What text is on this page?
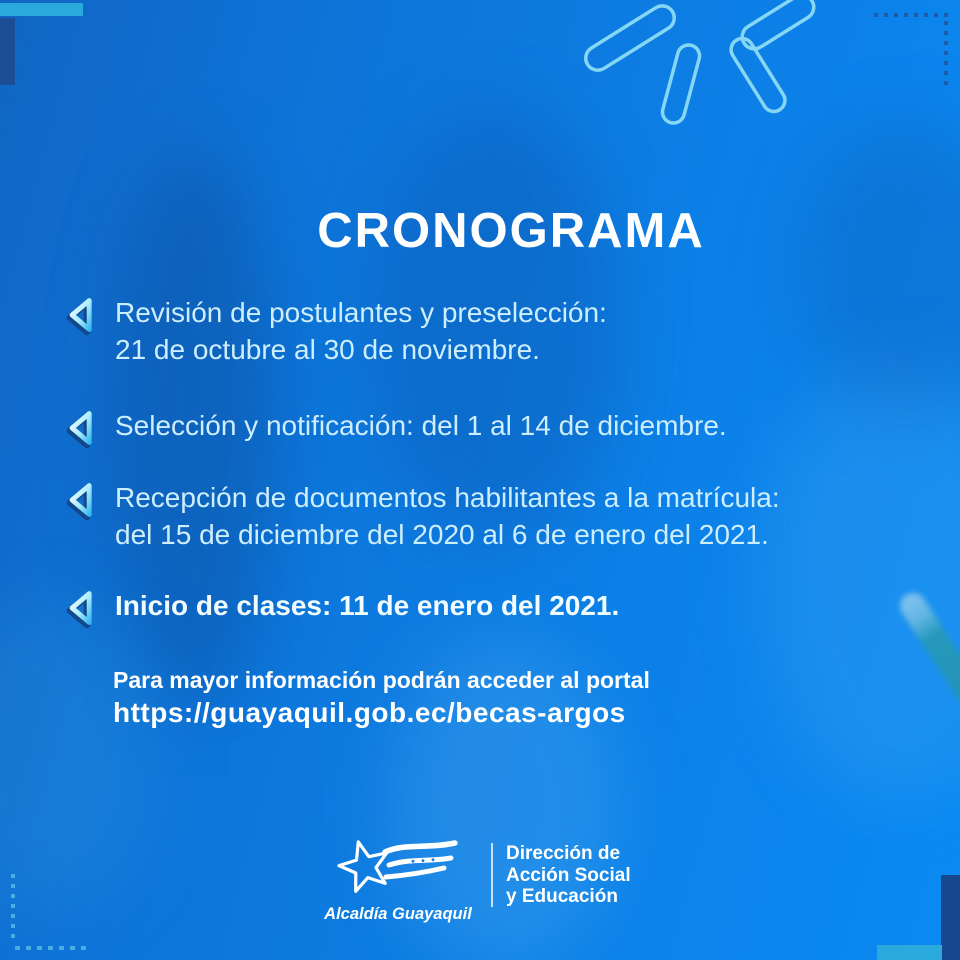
CRONOGRAMA
Revisión de postulantes y preselección:
21 de octubre al 30 de noviembre.
Selección y notificación: del 1 al 14 de diciembre.
Recepción de documentos habilitantes a la matrícula:
del 15 de diciembre del 2020 al 6 de enero del 2021.
Inicio de clases: 11 de enero del 2021.
Para mayor información podrán acceder al portal
https://guayaquil.gob.ec/becas-argos
Alcaldía Guayaquil
Dirección de
Acción Social
y Educación
